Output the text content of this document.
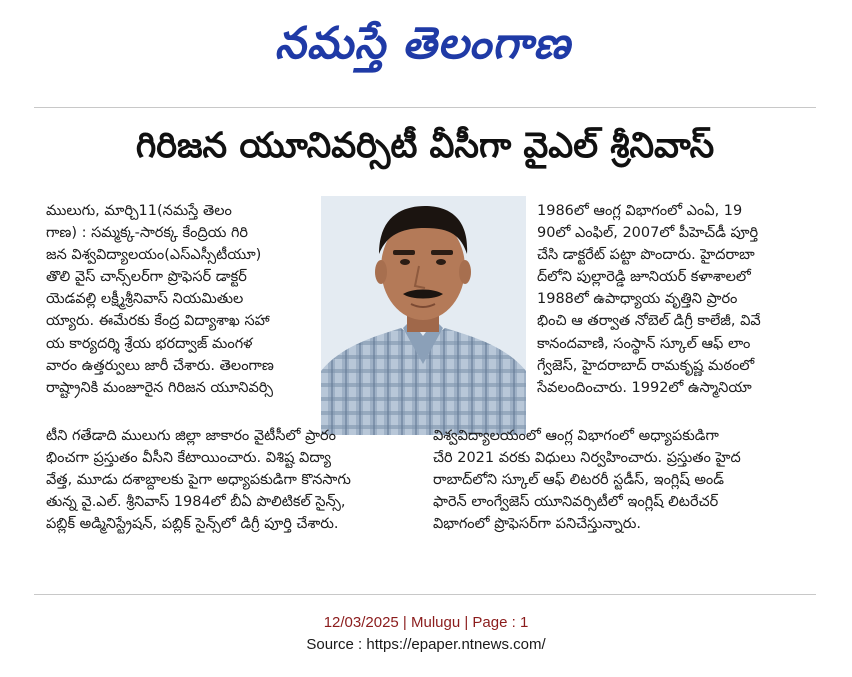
నమస్తే తెలంగాణ
గిరిజన యూనివర్సిటీ వీసీగా వైఎల్ శ్రీనివాస్
ములుగు, మార్చి11(నమస్తే తెలం
గాణ) : సమ్మక్క-సారక్క కేంద్రియ గిరి
జన విశ్వవిద్యాలయం(ఎస్ఎస్సీటీయూ)
తొలి వైస్ చాన్స్‌లర్‌గా ప్రొఫెసర్ డాక్టర్
యెడవల్లి లక్ష్మీశ్రీనివాస్ నియమితుల
య్యారు. ఈమేరకు కేంద్ర విద్యాశాఖ సహా
య కార్యదర్శి శ్రేయ భరద్వాజ్ మంగళ
వారం ఉత్తర్వులు జారీ చేశారు. తెలంగాణ
రాష్ట్రానికి మంజూరైన గిరిజన యూనివర్సి
1986లో ఆంగ్ల విభాగంలో ఎంఏ, 19
90లో ఎంఫిల్, 2007లో పీహెచ్‌డీ పూర్తి
చేసి డాక్టరేట్ పట్టా పొందారు. హైదరాబా
ద్‌లోని పుల్లారెడ్డి జూనియర్ కళాశాలలో
1988లో ఉపాధ్యాయ వృత్తిని ప్రారం
భించి ఆ తర్వాత నోబెల్ డిగ్రీ కాలేజీ, వివే
కానందవాణి, సంస్థాన్ స్కూల్ ఆఫ్ లాం
గ్వేజెస్, హైదరాబాద్ రామకృష్ణ మఠంలో
సేవలందించారు. 1992లో ఉస్మానియా
టీని గతేడాది ములుగు జిల్లా జాకారం వైటీసీలో ప్రారం
భించగా ప్రస్తుతం వీసీని కేటాయించారు. విశిష్ట విద్యా
వేత్త, మూడు దశాబ్దాలకు పైగా అధ్యాపకుడిగా కొనసాగు
తున్న వై.ఎల్. శ్రీనివాస్ 1984లో బీఏ పొలిటికల్ సైన్స్,
పబ్లిక్ అడ్మినిస్ట్రేషన్, పబ్లిక్ సైన్స్‌లో డిగ్రీ పూర్తి చేశారు.
విశ్వవిద్యాలయంలో ఆంగ్ల విభాగంలో అధ్యాపకుడిగా
చేరి 2021 వరకు విధులు నిర్వహించారు. ప్రస్తుతం హైద
రాబాద్‌లోని స్కూల్ ఆఫ్ లిటరరీ స్టడీస్, ఇంగ్లిష్ అండ్
ఫారెన్ లాంగ్వేజెస్ యూనివర్సిటీలో ఇంగ్లిష్ లిటరేచర్
విభాగంలో ప్రొఫెసర్‌గా పనిచేస్తున్నారు.
12/03/2025 | Mulugu | Page : 1
Source : https://epaper.ntnews.com/
